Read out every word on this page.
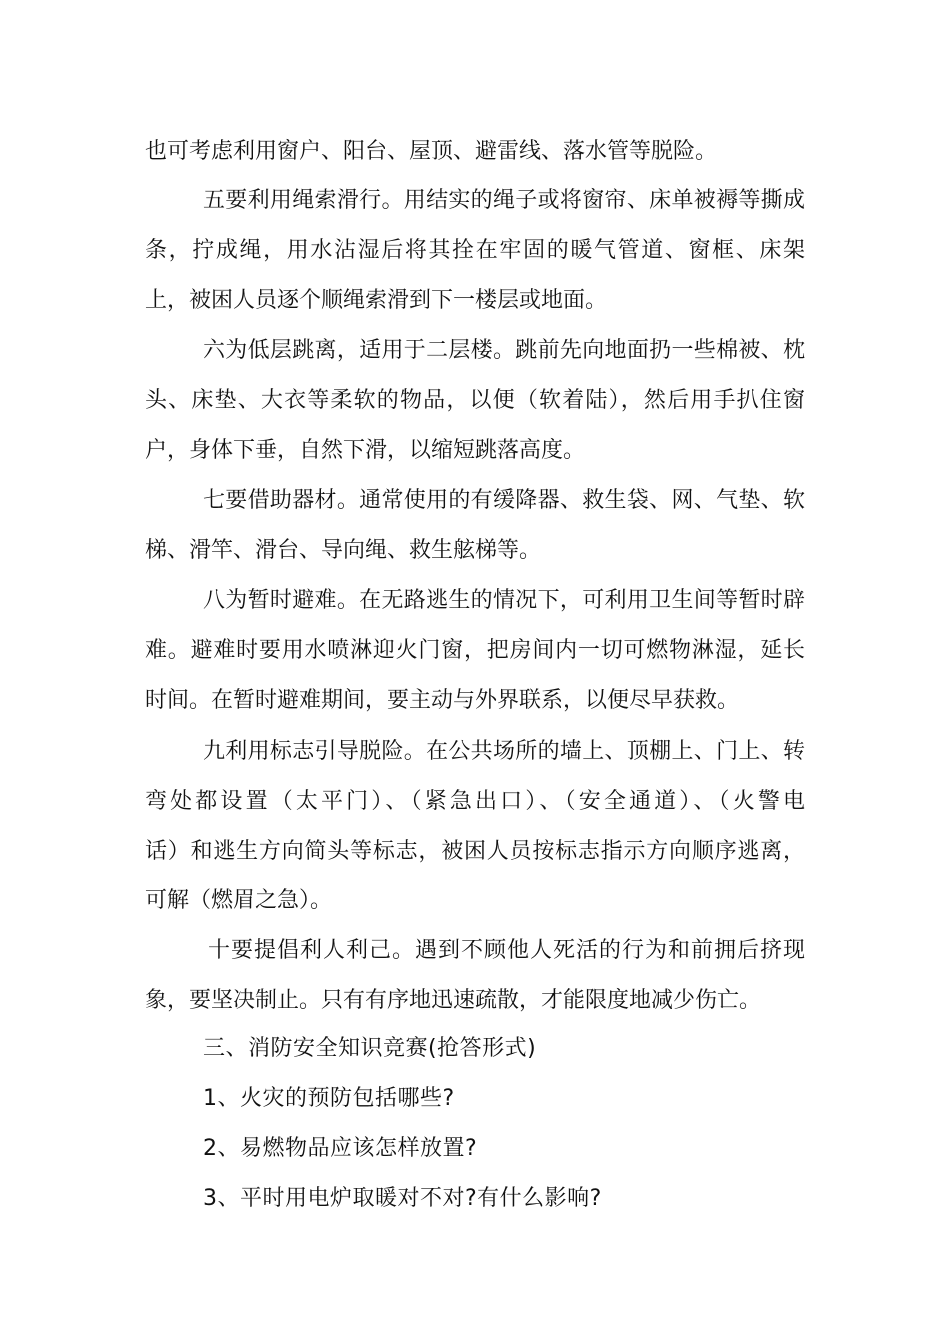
也可考虑利用窗户、阳台、屋顶、避雷线、落水管等脱险。
五要利用绳索滑行。用结实的绳子或将窗帘、床单被褥等撕成
条，拧成绳，用水沾湿后将其拴在牢固的暖气管道、窗框、床架
上，被困人员逐个顺绳索滑到下一楼层或地面。
六为低层跳离，适用于二层楼。跳前先向地面扔一些棉被、枕
头、床垫、大衣等柔软的物品，以便（软着陆），然后用手扒住窗
户，身体下垂，自然下滑，以缩短跳落高度。
七要借助器材。通常使用的有缓降器、救生袋、网、气垫、软
梯、滑竿、滑台、导向绳、救生舷梯等。
八为暂时避难。在无路逃生的情况下，可利用卫生间等暂时辟
难。避难时要用水喷淋迎火门窗，把房间内一切可燃物淋湿，延长
时间。在暂时避难期间，要主动与外界联系，以便尽早获救。
九利用标志引导脱险。在公共场所的墙上、顶棚上、门上、转
弯处都设置（太平门）、（紧急出口）、（安全通道）、（火警电
话）和逃生方向简头等标志，被困人员按标志指示方向顺序逃离，
可解（燃眉之急）。
十要提倡利人利己。遇到不顾他人死活的行为和前拥后挤现
象，要坚决制止。只有有序地迅速疏散，才能限度地减少伤亡。
三、消防安全知识竞赛(抢答形式)
1、火灾的预防包括哪些?
2、易燃物品应该怎样放置?
3、平时用电炉取暖对不对?有什么影响?
